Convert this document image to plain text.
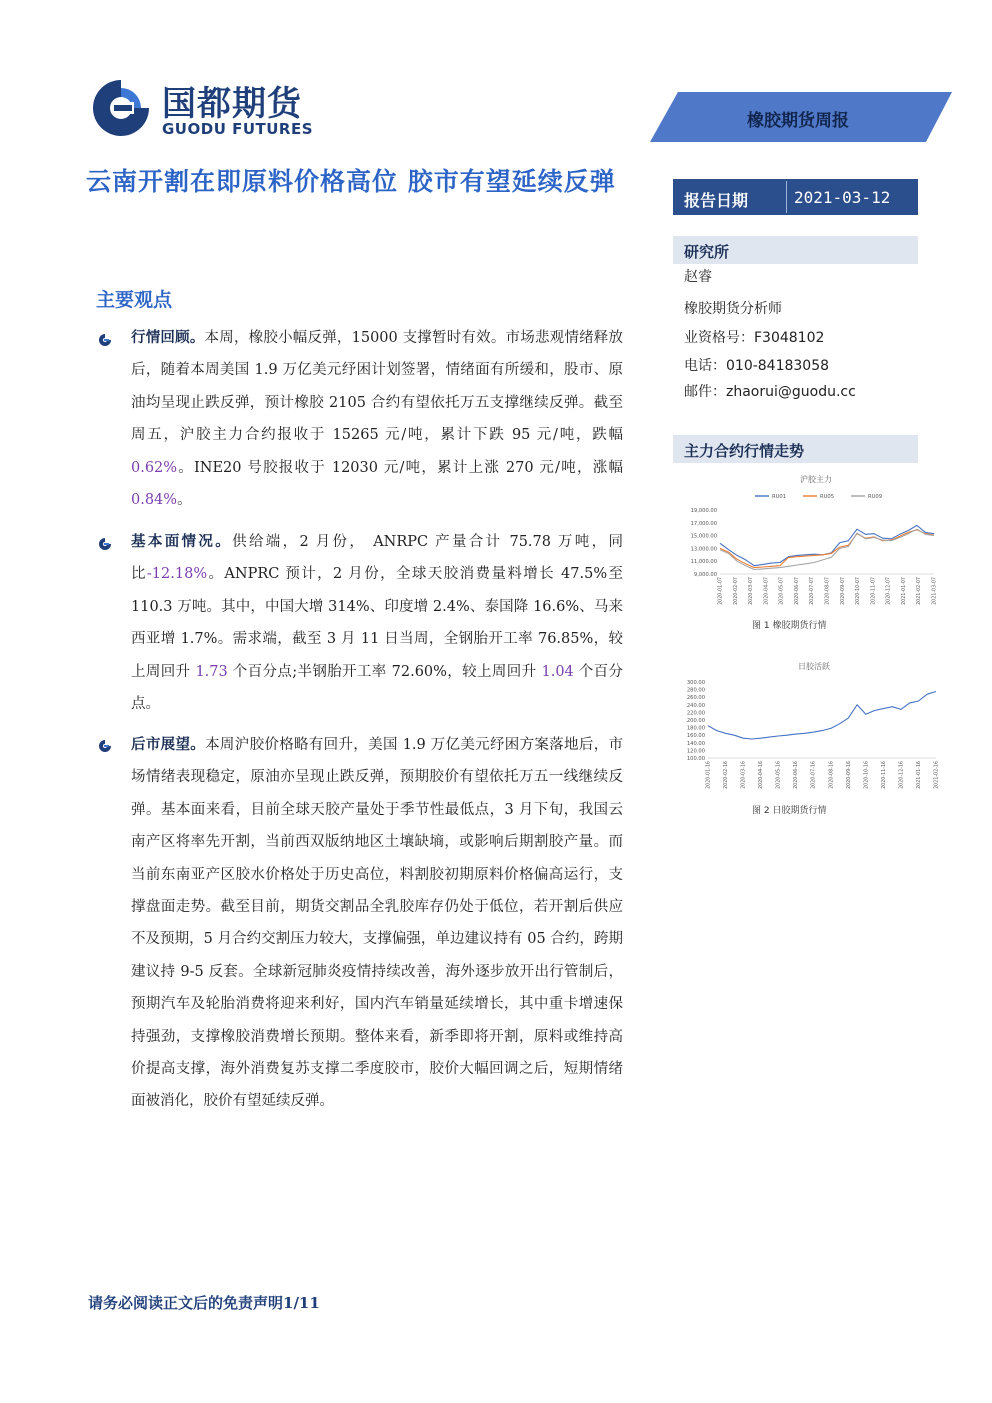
国都期货
GUODU FUTURES	橡胶期货周报
云南开割在即原料价格高位 胶市有望延续反弹
报告日期	2021-03-12
研究所
赵睿
橡胶期货分析师
业资格号：F3048102
电话：010-84183058
邮件：zhaorui@guodu.cc
主力合约行情走势
沪胶主力
19,000.00
17,000.00
15,000.00
13,000.00
11,000.00
9,000.00
2020-01-07 2020-02-07 2020-03-07 2020-04-07 2020-05-07 2020-06-07 2020-07-07 2020-08-07 2020-09-07 2020-10-07 2020-11-07 2020-12-07 2021-01-07 2021-02-07 2021-03-07
RU01	RU05	RU09
图 1 橡胶期货行情
日胶活跃
300.00
280.00
260.00
240.00
220.00
200.00
180.00
160.00
140.00
120.00
100.00
2020-01-16	2020-02-16	2020-03-16	2020-04-16	2020-05-16	2020-06-16	2020-07-16	2020-08-16	2020-09-16	2020-10-16	2020-11-16	2020-12-16	2021-01-16	2021-02-16
图 2 日胶期货行情
主要观点
行情回顾。本周，橡胶小幅反弹，15000 支撑暂时有效。市场悲观情绪释放后，随着本周美国 1.9 万亿美元纾困计划签署，情绪面有所缓和，股市、原油均呈现止跌反弹，预计橡胶 2105 合约有望依托万五支撑继续反弹。截至周五，沪胶主力合约报收于 15265 元/吨，累计下跌 95 元/吨，跌幅 0.62%。INE20 号胶报收于 12030 元/吨，累计上涨 270 元/吨，涨幅 0.84%。
基本面情况。供给端，2 月份， ANRPC 产量合计 75.78 万吨，同比-12.18%。ANPRC 预计，2 月份，全球天胶消费量料增长 47.5%至 110.3 万吨。其中，中国大增 314%、印度增 2.4%、泰国降 16.6%、马来西亚增 1.7%。需求端，截至 3 月 11 日当周，全钢胎开工率 76.85%，较上周回升 1.73 个百分点;半钢胎开工率 72.60%，较上周回升 1.04 个百分点。
后市展望。本周沪胶价格略有回升，美国 1.9 万亿美元纾困方案落地后，市场情绪表现稳定，原油亦呈现止跌反弹，预期胶价有望依托万五一线继续反弹。基本面来看，目前全球天胶产量处于季节性最低点，3 月下旬，我国云南产区将率先开割，当前西双版纳地区土壤缺墒，或影响后期割胶产量。而当前东南亚产区胶水价格处于历史高位，料割胶初期原料价格偏高运行，支撑盘面走势。截至目前，期货交割品全乳胶库存仍处于低位，若开割后供应不及预期，5 月合约交割压力较大，支撑偏强，单边建议持有 05 合约，跨期建议持 9-5 反套。全球新冠肺炎疫情持续改善，海外逐步放开出行管制后，预期汽车及轮胎消费将迎来利好，国内汽车销量延续增长，其中重卡增速保持强劲，支撑橡胶消费增长预期。整体来看，新季即将开割，原料或维持高价提高支撑，海外消费复苏支撑二季度胶市，胶价大幅回调之后，短期情绪面被消化，胶价有望延续反弹。
请务必阅读正文后的免责声明1/11
